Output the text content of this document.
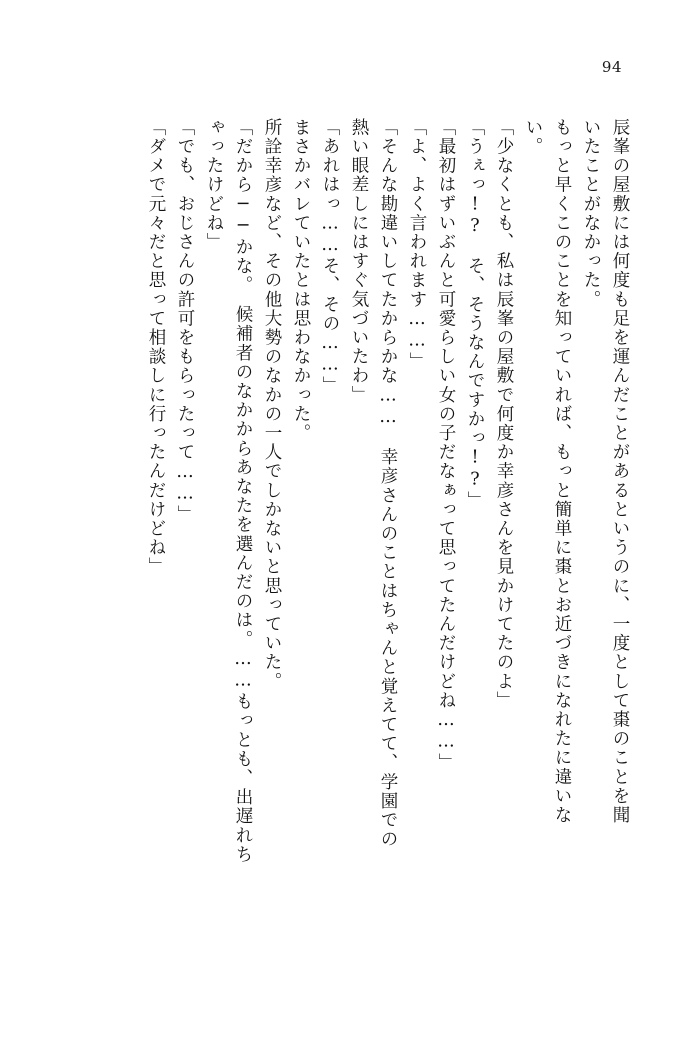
94
辰峯の屋敷には何度も足を運んだことがあるというのに、一度として棗のことを聞
いたことがなかった。
もっと早くこのことを知っていれば、もっと簡単に棗とお近づきになれたに違いな
い。
「少なくとも、私は辰峯の屋敷で何度か幸彦さんを見かけてたのよ」
「うぇっ!?　そ、そうなんですかっ!?」
「最初はずいぶんと可愛らしい女の子だなぁって思ってたんだけどね……」
「よ、よく言われます……」
「そんな勘違いしてたからかな……　幸彦さんのことはちゃんと覚えてて、学園での
熱い眼差しにはすぐ気づいたわ」
「あれはっ……そ、その……」
まさかバレていたとは思わなかった。
所詮幸彦など、その他大勢のなかの一人でしかないと思っていた。
「だから──かな。　候補者のなかからあなたを選んだのは。……もっとも、出遅れち
ゃったけどね」
「でも、おじさんの許可をもらったって……」
「ダメで元々だと思って相談しに行ったんだけどね」
